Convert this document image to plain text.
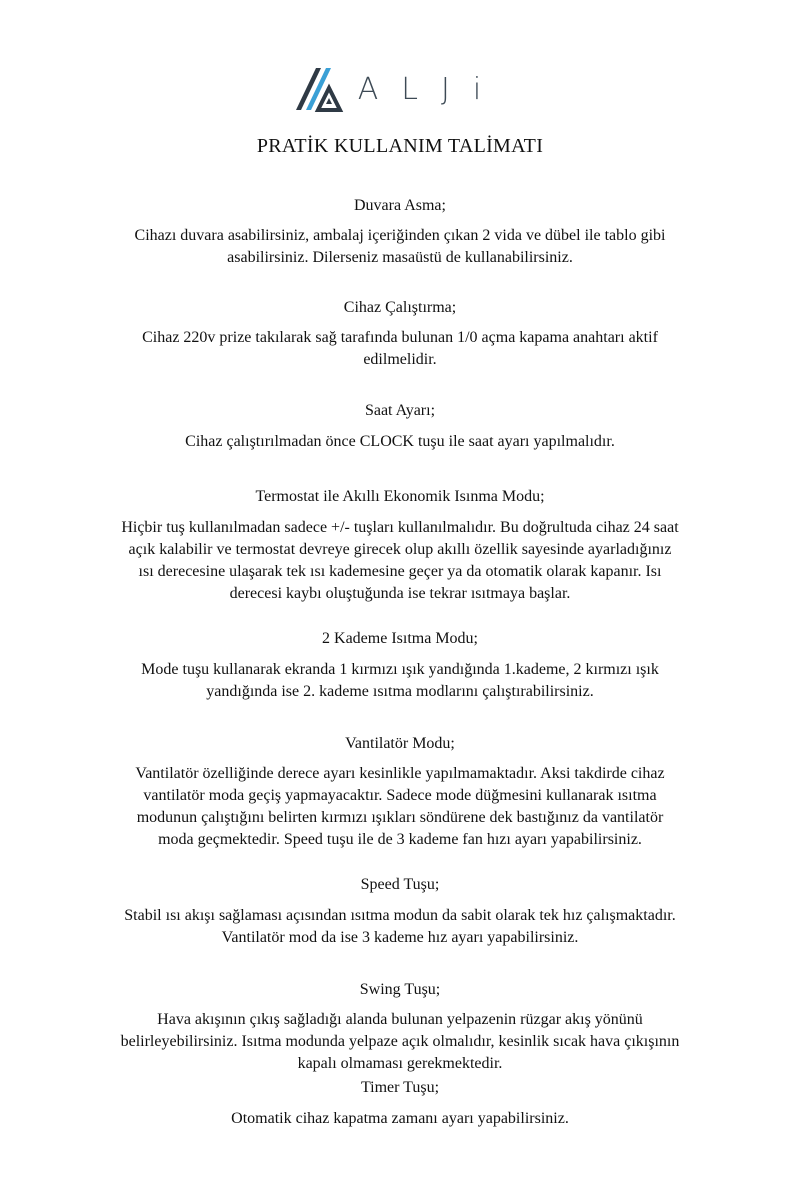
ALJi
PRATİK KULLANIM TALİMATI
Duvara Asma;
Cihazı duvara asabilirsiniz, ambalaj içeriğinden çıkan 2 vida ve dübel ile tablo gibi asabilirsiniz. Dilerseniz masaüstü de kullanabilirsiniz.
Cihaz Çalıştırma;
Cihaz 220v prize takılarak sağ tarafında bulunan 1/0 açma kapama anahtarı aktif edilmelidir.
Saat Ayarı;
Cihaz çalıştırılmadan önce CLOCK tuşu ile saat ayarı yapılmalıdır.
Termostat ile Akıllı Ekonomik Isınma Modu;
Hiçbir tuş kullanılmadan sadece +/- tuşları kullanılmalıdır. Bu doğrultuda cihaz 24 saat açık kalabilir ve termostat devreye girecek olup akıllı özellik sayesinde ayarladığınız ısı derecesine ulaşarak tek ısı kademesine geçer ya da otomatik olarak kapanır. Isı derecesi kaybı oluştuğunda ise tekrar ısıtmaya başlar.
2 Kademe Isıtma Modu;
Mode tuşu kullanarak ekranda 1 kırmızı ışık yandığında 1.kademe, 2 kırmızı ışık yandığında ise 2. kademe ısıtma modlarını çalıştırabilirsiniz.
Vantilatör Modu;
Vantilatör özelliğinde derece ayarı kesinlikle yapılmamaktadır. Aksi takdirde cihaz vantilatör moda geçiş yapmayacaktır. Sadece mode düğmesini kullanarak ısıtma modunun çalıştığını belirten kırmızı ışıkları söndürene dek bastığınız da vantilatör moda geçmektedir. Speed tuşu ile de 3 kademe fan hızı ayarı yapabilirsiniz.
Speed Tuşu;
Stabil ısı akışı sağlaması açısından ısıtma modun da sabit olarak tek hız çalışmaktadır. Vantilatör mod da ise 3 kademe hız ayarı yapabilirsiniz.
Swing Tuşu;
Hava akışının çıkış sağladığı alanda bulunan yelpazenin rüzgar akış yönünü belirleyebilirsiniz. Isıtma modunda yelpaze açık olmalıdır, kesinlik sıcak hava çıkışının kapalı olmaması gerekmektedir.
Timer Tuşu;
Otomatik cihaz kapatma zamanı ayarı yapabilirsiniz.
